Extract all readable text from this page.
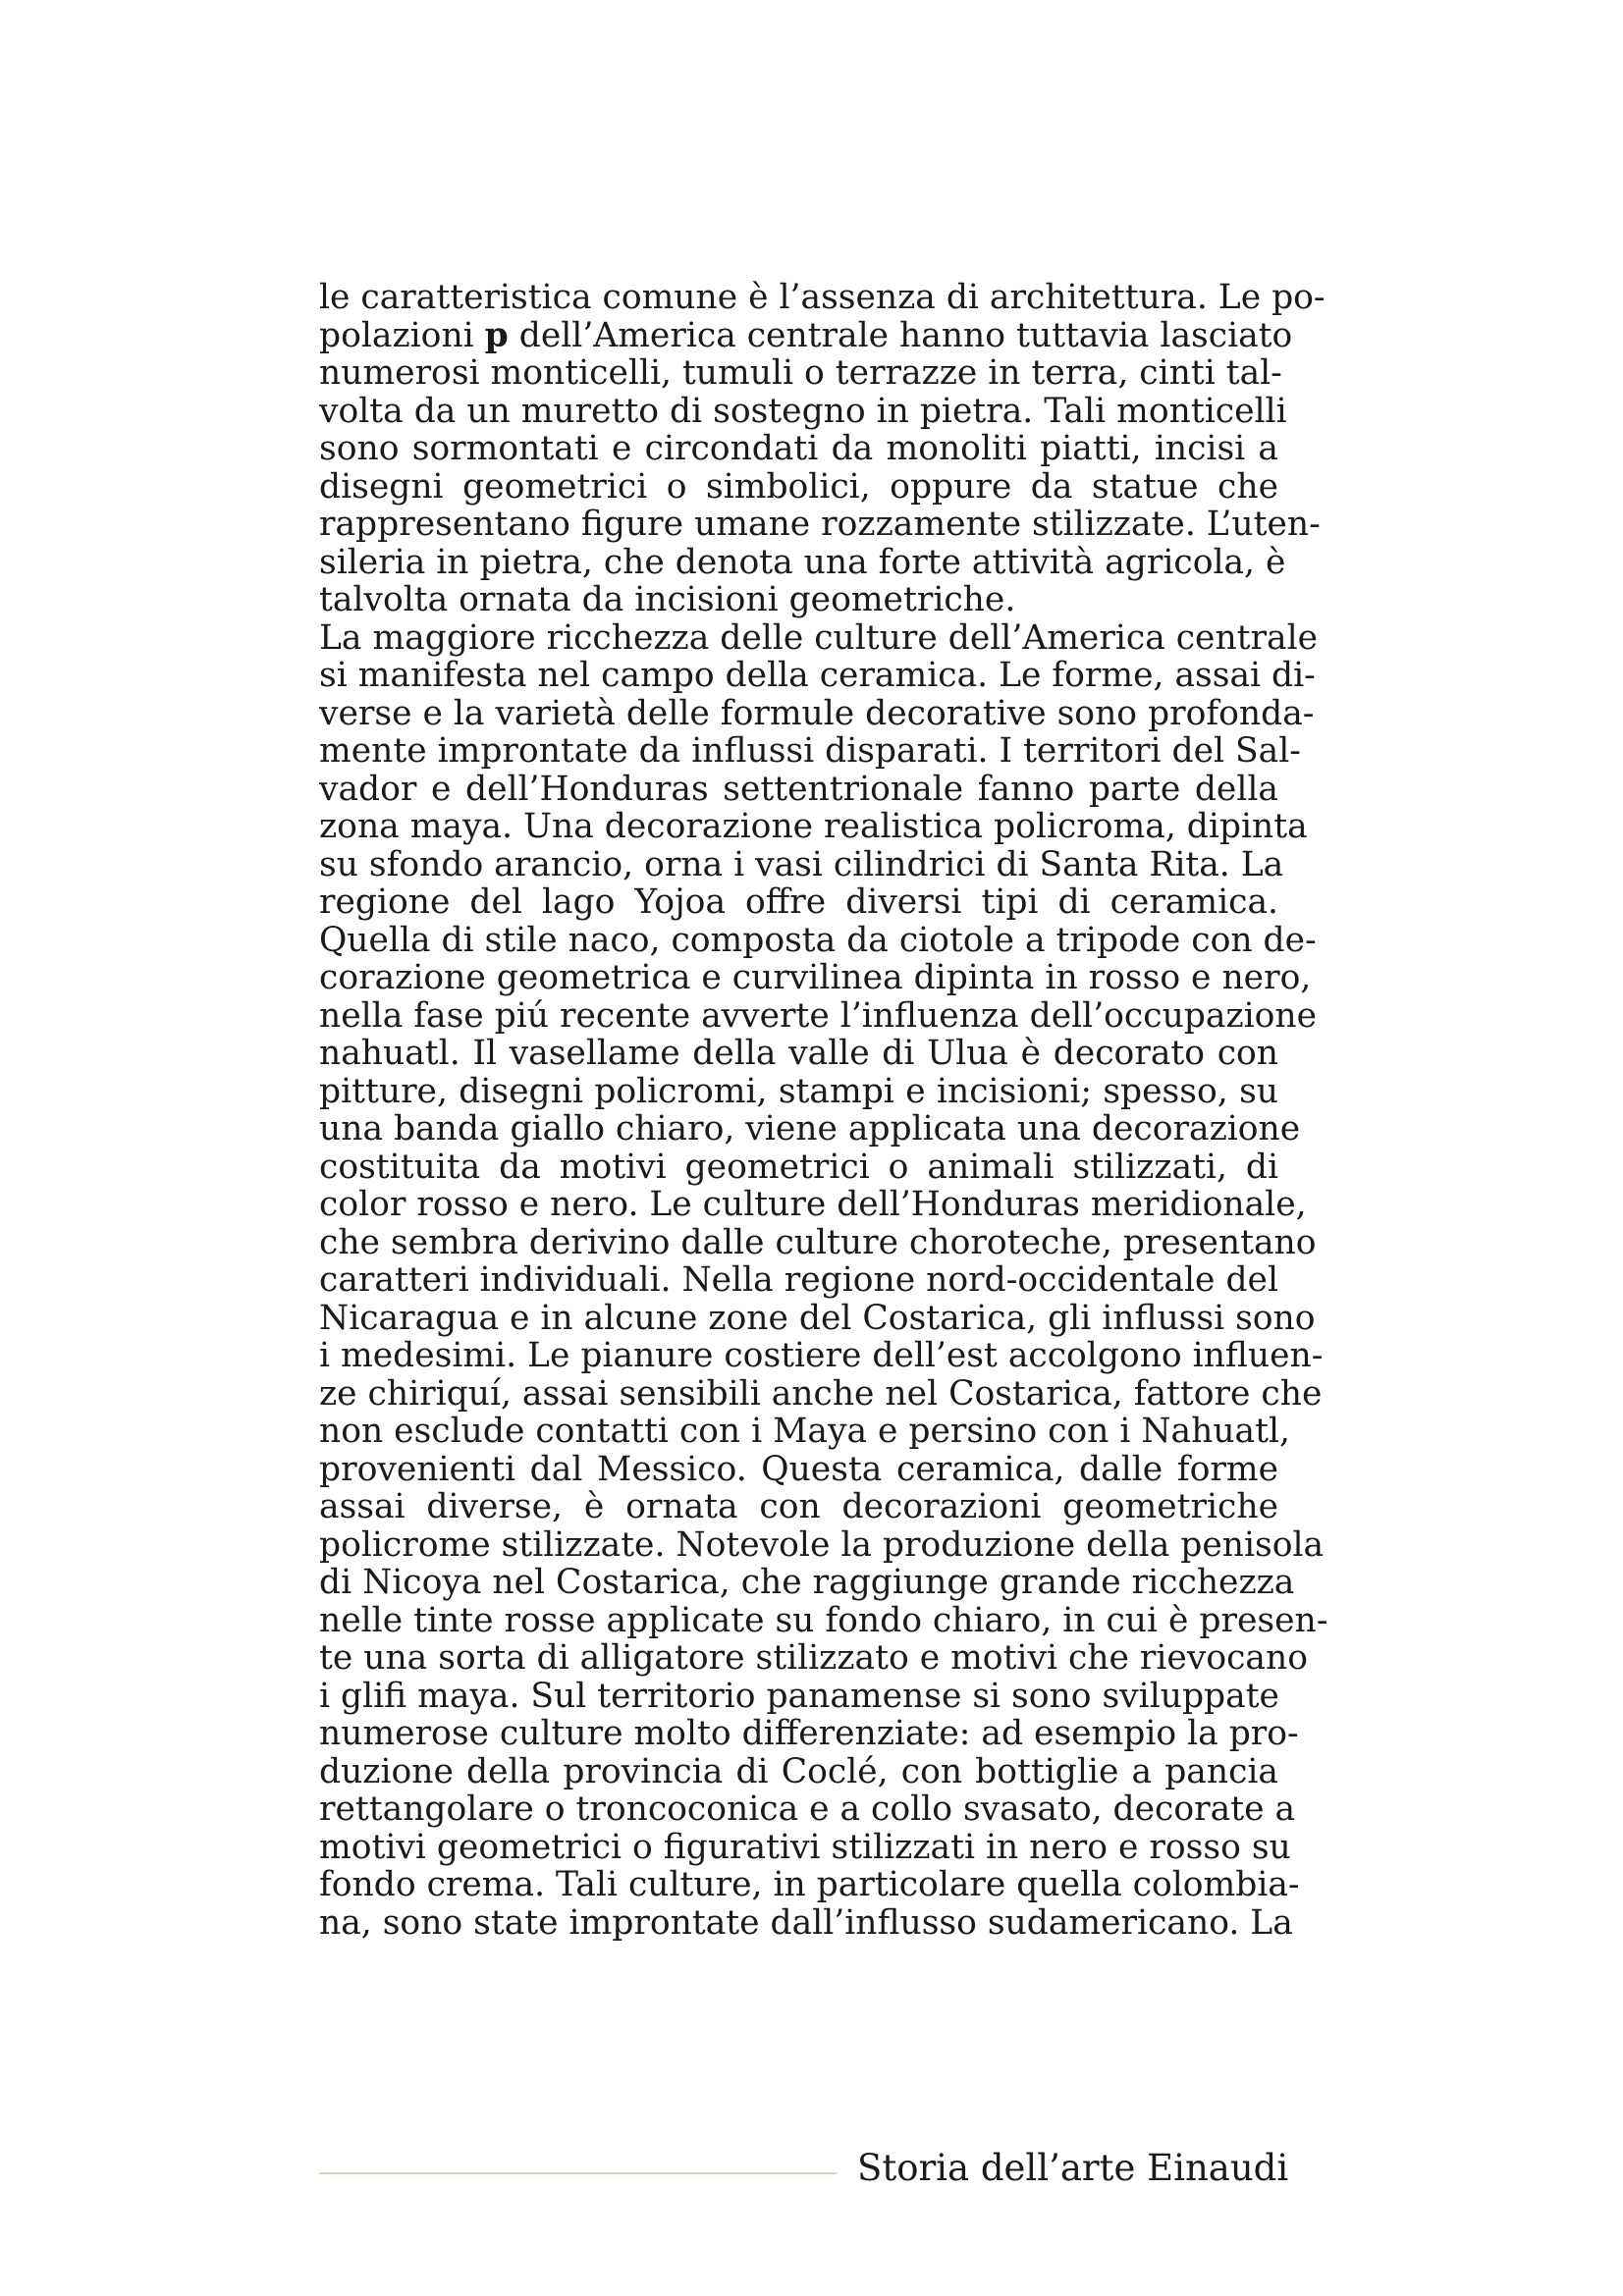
le caratteristica comune è l’assenza di architettura. Le po-
polazioni p dell’America centrale hanno tuttavia lasciato
numerosi monticelli, tumuli o terrazze in terra, cinti tal-
volta da un muretto di sostegno in pietra. Tali monticelli
sono sormontati e circondati da monoliti piatti, incisi a
disegni geometrici o simbolici, oppure da statue che
rappresentano figure umane rozzamente stilizzate. L’uten-
sileria in pietra, che denota una forte attività agricola, è
talvolta ornata da incisioni geometriche.
La maggiore ricchezza delle culture dell’America centrale
si manifesta nel campo della ceramica. Le forme, assai di-
verse e la varietà delle formule decorative sono profonda-
mente improntate da influssi disparati. I territori del Sal-
vador e dell’Honduras settentrionale fanno parte della
zona maya. Una decorazione realistica policroma, dipinta
su sfondo arancio, orna i vasi cilindrici di Santa Rita. La
regione del lago Yojoa offre diversi tipi di ceramica.
Quella di stile naco, composta da ciotole a tripode con de-
corazione geometrica e curvilinea dipinta in rosso e nero,
nella fase piú recente avverte l’influenza dell’occupazione
nahuatl. Il vasellame della valle di Ulua è decorato con
pitture, disegni policromi, stampi e incisioni; spesso, su
una banda giallo chiaro, viene applicata una decorazione
costituita da motivi geometrici o animali stilizzati, di
color rosso e nero. Le culture dell’Honduras meridionale,
che sembra derivino dalle culture choroteche, presentano
caratteri individuali. Nella regione nord-occidentale del
Nicaragua e in alcune zone del Costarica, gli influssi sono
i medesimi. Le pianure costiere dell’est accolgono influen-
ze chiriquí, assai sensibili anche nel Costarica, fattore che
non esclude contatti con i Maya e persino con i Nahuatl,
provenienti dal Messico. Questa ceramica, dalle forme
assai diverse, è ornata con decorazioni geometriche
policrome stilizzate. Notevole la produzione della penisola
di Nicoya nel Costarica, che raggiunge grande ricchezza
nelle tinte rosse applicate su fondo chiaro, in cui è presen-
te una sorta di alligatore stilizzato e motivi che rievocano
i glifi maya. Sul territorio panamense si sono sviluppate
numerose culture molto differenziate: ad esempio la pro-
duzione della provincia di Coclé, con bottiglie a pancia
rettangolare o troncoconica e a collo svasato, decorate a
motivi geometrici o figurativi stilizzati in nero e rosso su
fondo crema. Tali culture, in particolare quella colombia-
na, sono state improntate dall’influsso sudamericano. La
Storia dell’arte Einaudi
